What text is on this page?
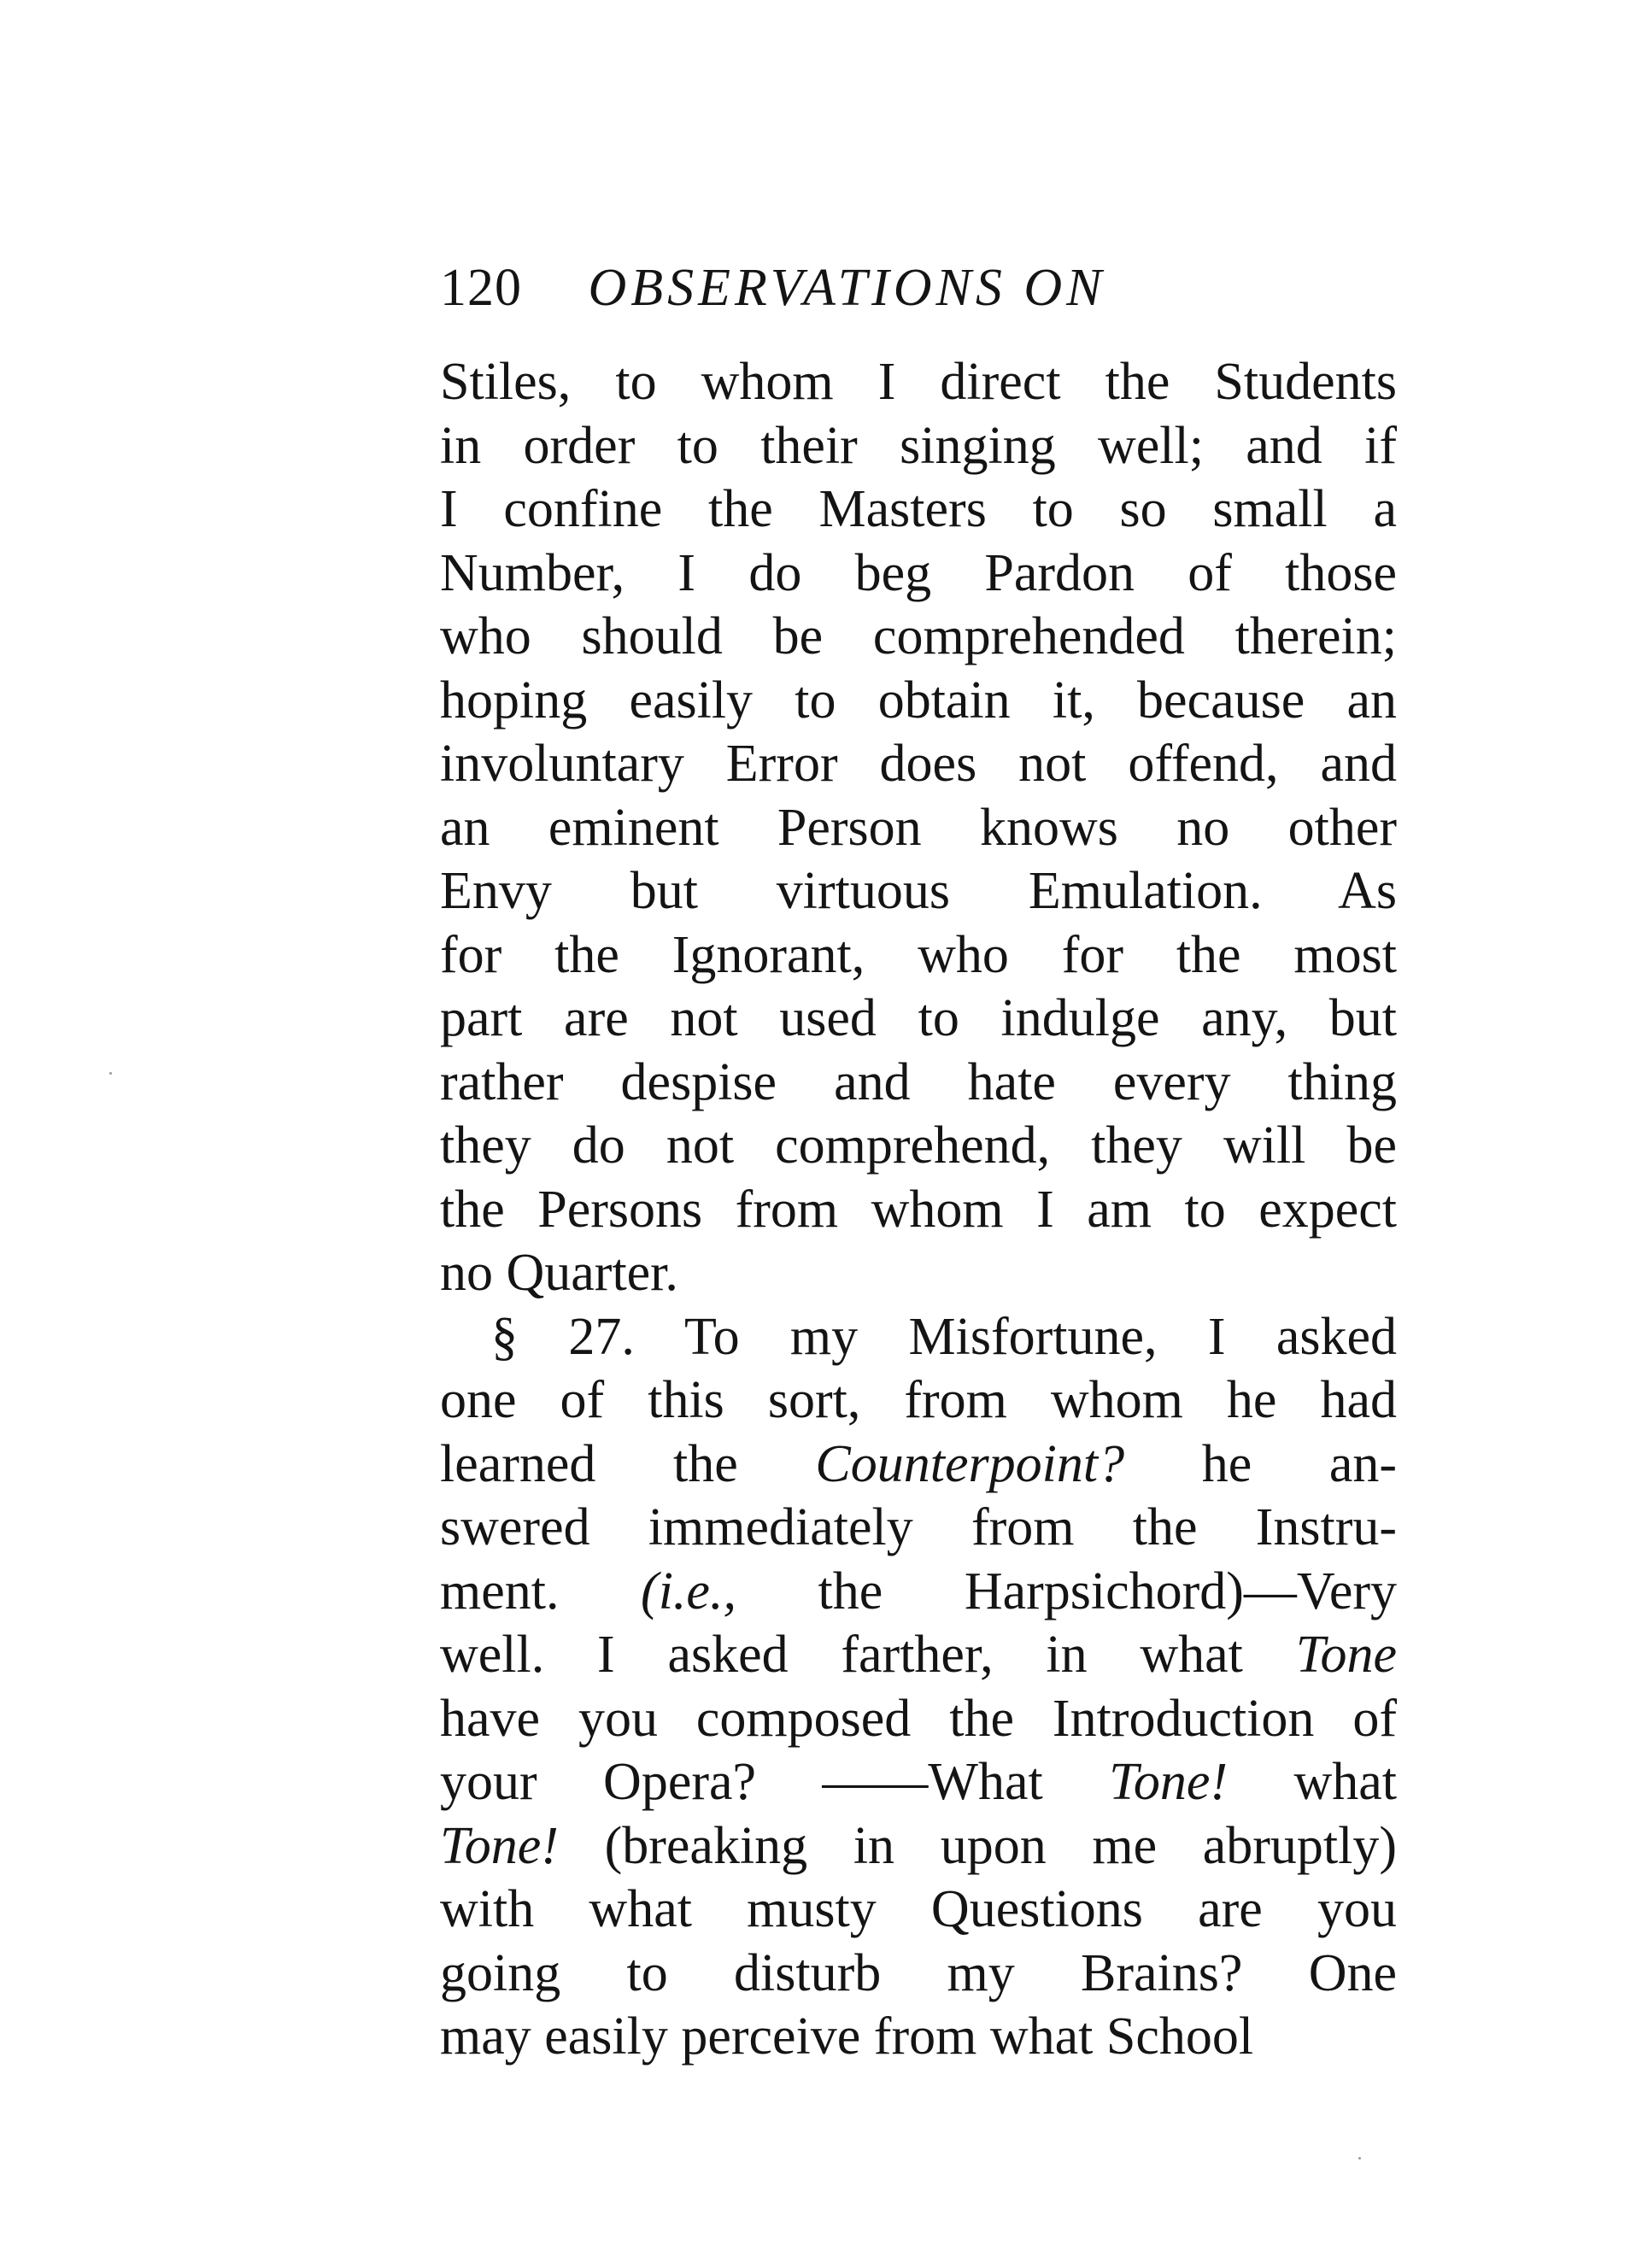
120 OBSERVATIONS ON
Stiles, to whom I direct the Students
in order to their singing well; and if
I confine the Masters to so small a
Number, I do beg Pardon of those
who should be comprehended therein;
hoping easily to obtain it, because an
involuntary Error does not offend, and
an eminent Person knows no other
Envy but virtuous Emulation. As
for the Ignorant, who for the most
part are not used to indulge any, but
rather despise and hate every thing
they do not comprehend, they will be
the Persons from whom I am to expect
no Quarter.
§ 27. To my Misfortune, I asked
one of this sort, from whom he had
learned the Counterpoint? he an-
swered immediately from the Instru-
ment. (i.e., the Harpsichord)—Very
well. I asked farther, in what Tone
have you composed the Introduction of
your Opera? ——What Tone! what
Tone! (breaking in upon me abruptly)
with what musty Questions are you
going to disturb my Brains? One
may easily perceive from what School
